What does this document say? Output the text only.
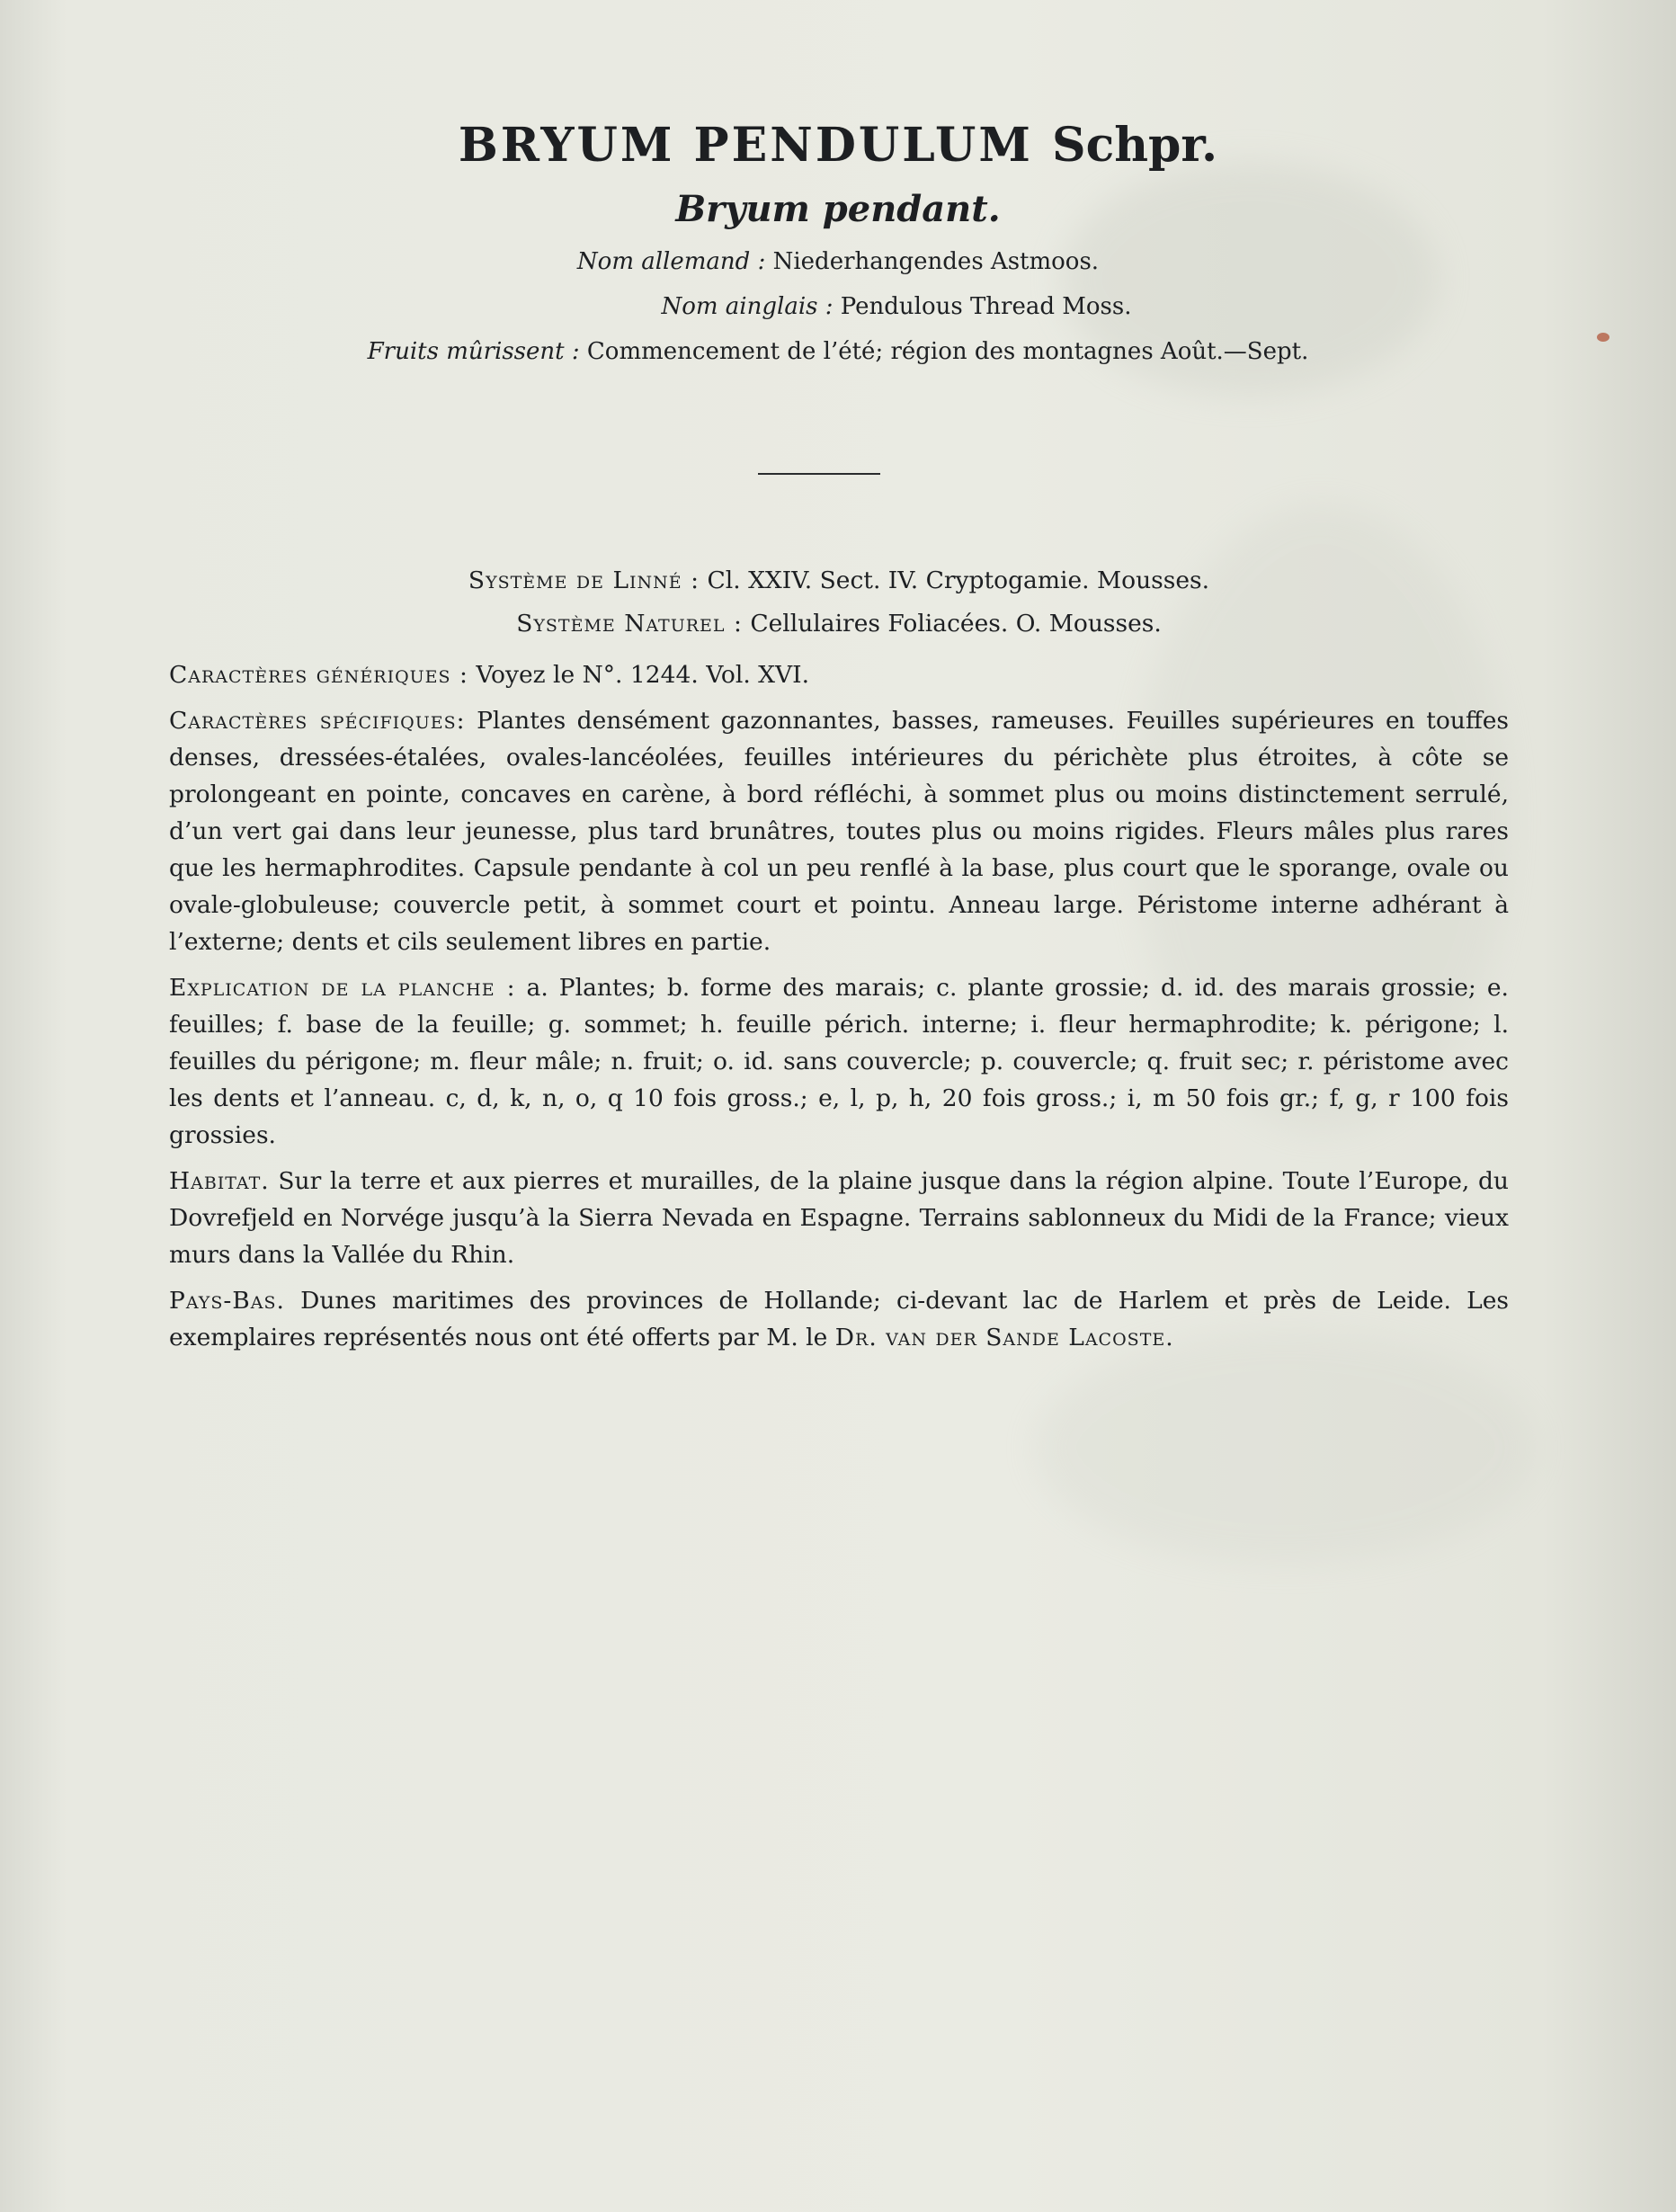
BRYUM PENDULUM Schpr.

Bryum pendant.

Nom allemand : Niederhangendes Astmoos.
Nom ainglais : Pendulous Thread Moss.
Fruits mûrissent : Commencement de l’été; région des montagnes Août.—Sept.

Système de Linné : Cl. XXIV. Sect. IV. Cryptogamie. Mousses.

Système Naturel : Cellulaires Foliacées. O. Mousses.

Caractères génériques : Voyez le N°. 1244. Vol. XVI.

Caractères spécifiques: Plantes densément gazonnantes, basses, rameuses. Feuilles supérieures en touffes denses, dressées-étalées, ovales-lancéolées, feuilles intérieures du périchète plus étroites, à côte se prolongeant en pointe, concaves en carène, à bord réfléchi, à sommet plus ou moins distinctement serrulé, d’un vert gai dans leur jeunesse, plus tard brunâtres, toutes plus ou moins rigides. Fleurs mâles plus rares que les hermaphrodites. Capsule pendante à col un peu renflé à la base, plus court que le sporange, ovale ou ovale-globuleuse; couvercle petit, à sommet court et pointu. Anneau large. Péristome interne adhérant à l’externe; dents et cils seulement libres en partie.

Explication de la planche : a. Plantes; b. forme des marais; c. plante grossie; d. id. des marais grossie; e. feuilles; f. base de la feuille; g. sommet; h. feuille périch. interne; i. fleur hermaphrodite; k. périgone; l. feuilles du périgone; m. fleur mâle; n. fruit; o. id. sans couvercle; p. couvercle; q. fruit sec; r. péristome avec les dents et l’anneau. c, d, k, n, o, q 10 fois gross.; e, l, p, h, 20 fois gross.; i, m 50 fois gr.; f, g, r 100 fois grossies.

Habitat. Sur la terre et aux pierres et murailles, de la plaine jusque dans la région alpine. Toute l’Europe, du Dovrefjeld en Norvége jusqu’à la Sierra Nevada en Espagne. Terrains sablonneux du Midi de la France; vieux murs dans la Vallée du Rhin.

Pays-Bas. Dunes maritimes des provinces de Hollande; ci-devant lac de Harlem et près de Leide. Les exemplaires représentés nous ont été offerts par M. le Dr. van der Sande Lacoste.
